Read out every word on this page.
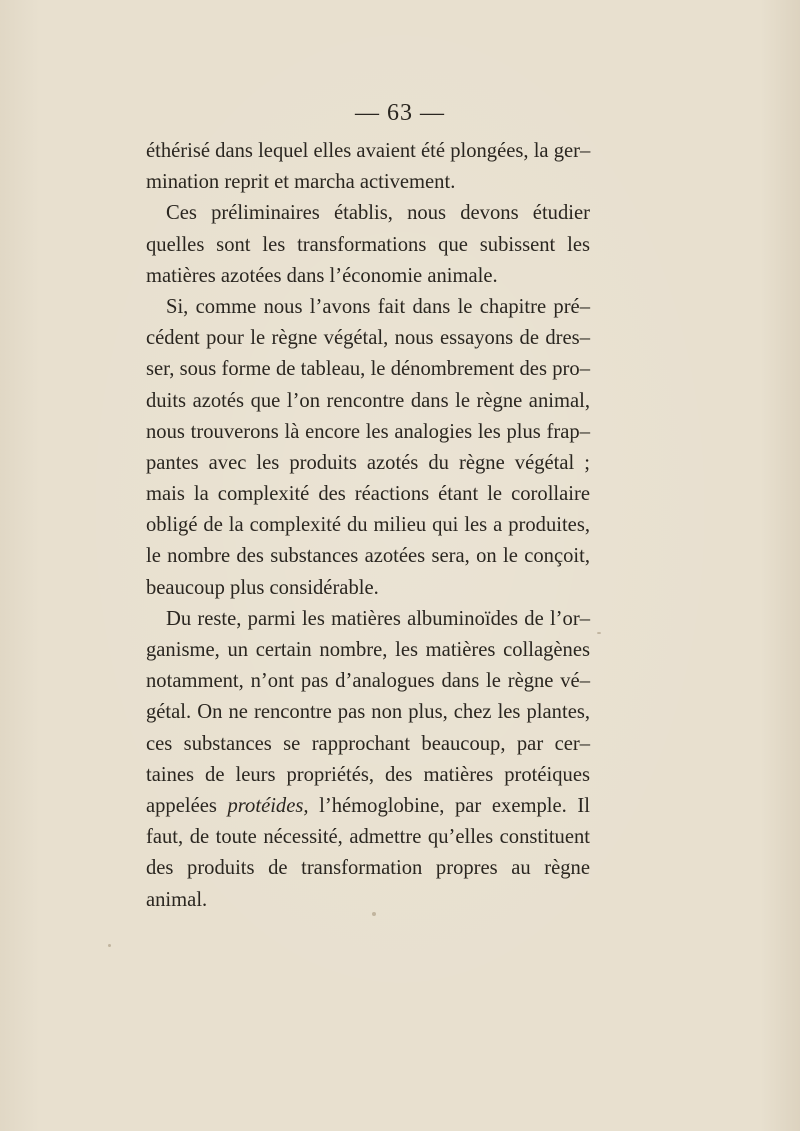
— 63 —
éthérisé dans lequel elles avaient été plongées, la ger–
mination reprit et marcha activement.
Ces préliminaires établis, nous devons étudier
quelles sont les transformations que subissent les
matières azotées dans l’économie animale.
Si, comme nous l’avons fait dans le chapitre pré–
cédent pour le règne végétal, nous essayons de dres–
ser, sous forme de tableau, le dénombrement des pro–
duits azotés que l’on rencontre dans le règne animal,
nous trouverons là encore les analogies les plus frap–
pantes avec les produits azotés du règne végétal ;
mais la complexité des réactions étant le corollaire
obligé de la complexité du milieu qui les a produites,
le nombre des substances azotées sera, on le conçoit,
beaucoup plus considérable.
Du reste, parmi les matières albuminoïdes de l’or–
ganisme, un certain nombre, les matières collagènes
notamment, n’ont pas d’analogues dans le règne vé–
gétal. On ne rencontre pas non plus, chez les plantes,
ces substances se rapprochant beaucoup, par cer–
taines de leurs propriétés, des matières protéiques
appelées protéides, l’hémoglobine, par exemple. Il
faut, de toute nécessité, admettre qu’elles constituent
des produits de transformation propres au règne
animal.
